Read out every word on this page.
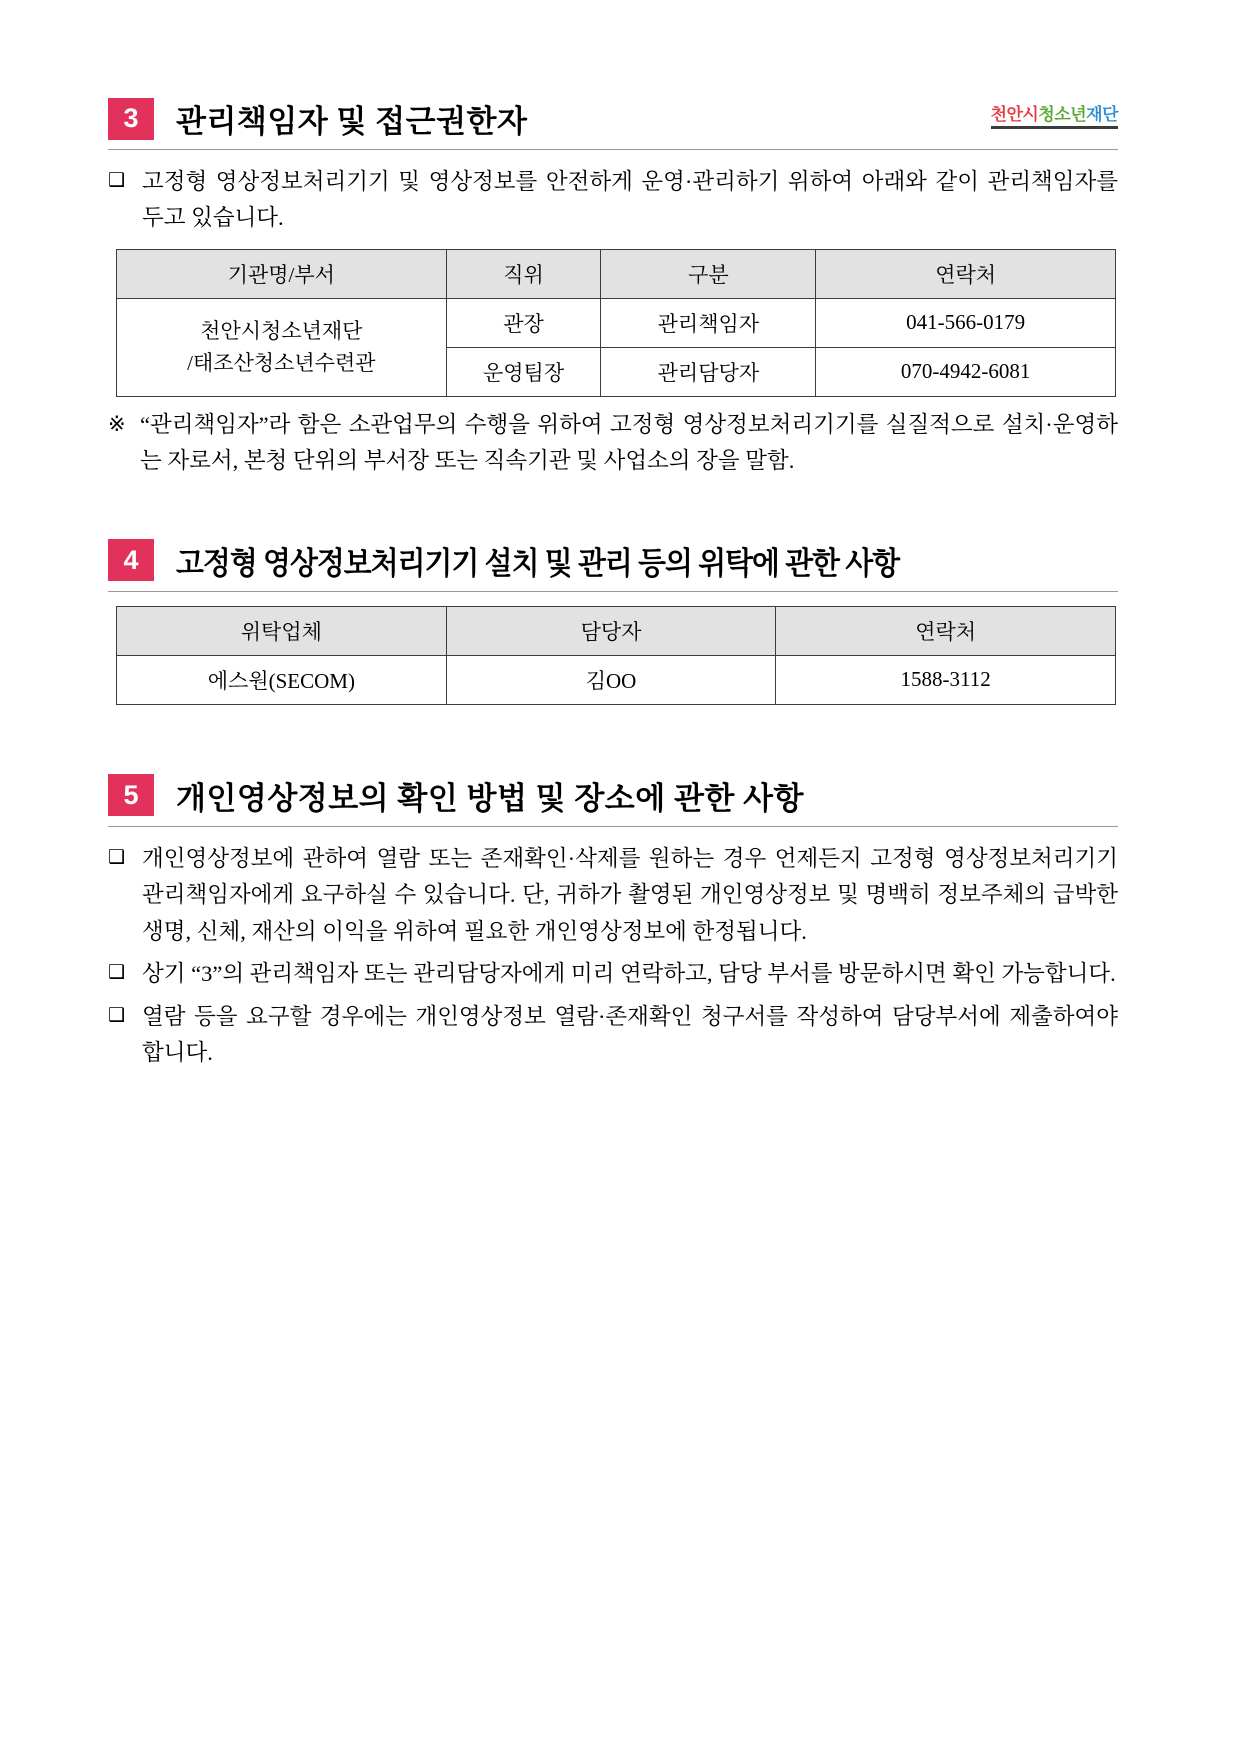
천안시청소년재단
3	관리책임자 및 접근권한자
❑ 고정형 영상정보처리기기 및 영상정보를 안전하게 운영·관리하기 위하여 아래와 같이 관리책임자를 두고 있습니다.
기관명/부서	직위	구분	연락처

천안시청소년재단
/태조산청소년수련관	관장	관리책임자	041-566-0179
	운영팀장	관리담당자	070-4942-6081
※ “관리책임자”라 함은 소관업무의 수행을 위하여 고정형 영상정보처리기기를 실질적으로 설치·운영하는 자로서, 본청 단위의 부서장 또는 직속기관 및 사업소의 장을 말함.
4	고정형 영상정보처리기기 설치 및 관리 등의 위탁에 관한 사항
위탁업체	담당자	연락처
에스원(SECOM)	김OO	1588-3112
5	개인영상정보의 확인 방법 및 장소에 관한 사항
❑ 개인영상정보에 관하여 열람 또는 존재확인·삭제를 원하는 경우 언제든지 고정형 영상정보처리기기 관리책임자에게 요구하실 수 있습니다. 단, 귀하가 촬영된 개인영상정보 및 명백히 정보주체의 급박한 생명, 신체, 재산의 이익을 위하여 필요한 개인영상정보에 한정됩니다.
❑ 상기 “3”의 관리책임자 또는 관리담당자에게 미리 연락하고, 담당 부서를 방문하시면 확인 가능합니다.
❑ 열람 등을 요구할 경우에는 개인영상정보 열람·존재확인 청구서를 작성하여 담당부서에 제출하여야 합니다.
